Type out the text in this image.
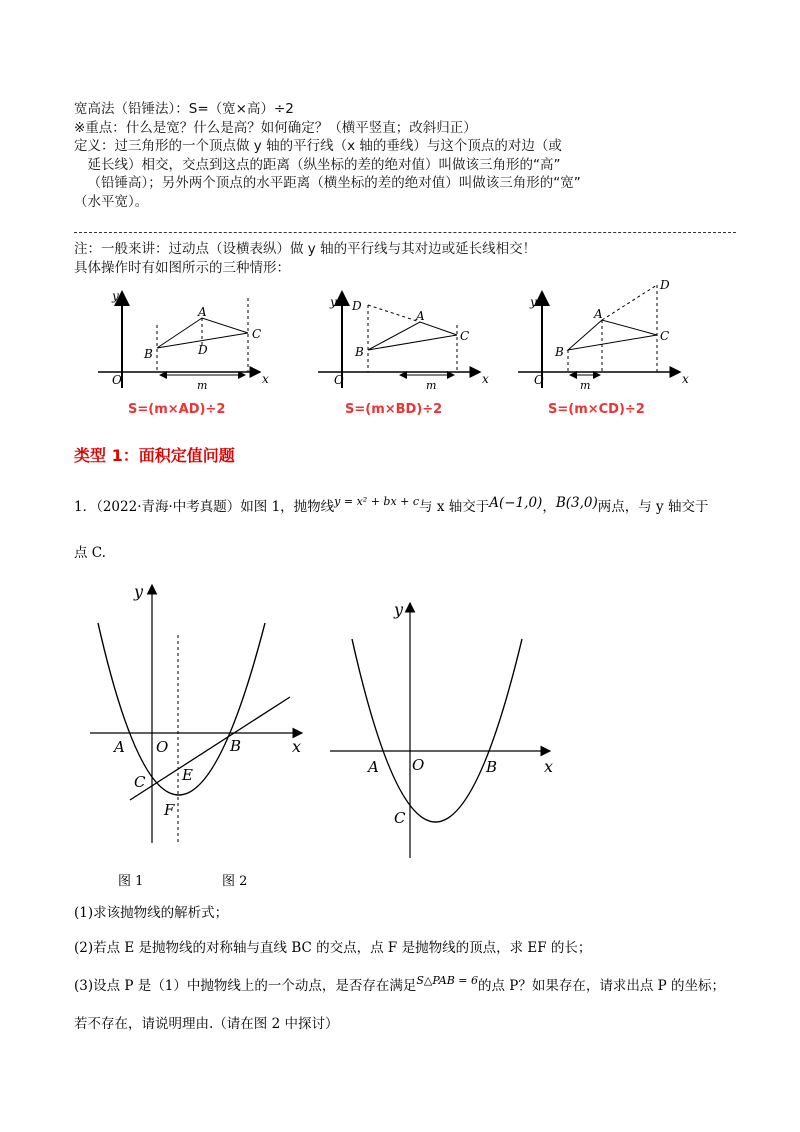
宽高法（铅锤法）：S=（宽×高）÷2

※重点：什么是宽？什么是高？如何确定？（横平竖直；改斜归正）

定义：过三角形的一个顶点做 y 轴的平行线（x 轴的垂线）与这个顶点的对边（或

延长线）相交，交点到这点的距离（纵坐标的差的绝对值）叫做该三角形的“高”

（铅锤高）；另外两个顶点的水平距离（横坐标的差的绝对值）叫做该三角形的“宽”

（水平宽）。

注：一般来讲：过动点（设横表纵）做 y 轴的平行线与其对边或延长线相交！

具体操作时有如图所示的三种情形：

y
x
O
A
B
C
D
m
y
x
O
D
A
B
C
m
y
x
O
D
A
B
C
m
S=(m×AD)÷2	S=(m×BD)÷2	S=(m×CD)÷2
类型 1：面积定值问题
1．（2022·青海·中考真题）如图 1，抛物线$^{y = x^2 + bx + c}$与 x 轴交于A(−1,0)，B(3,0)两点，与 y 轴交于
点 C.
y
x
O
A	B
C E
F
y
x
O
A	B
C
图 1	图 2
(1)求该抛物线的解析式；
(2)若点 E 是抛物线的对称轴与直线 BC 的交点，点 F 是抛物线的顶点，求 EF 的长；
(3)设点 P 是（1）中抛物线上的一个动点，是否存在满足$^{S\triangle PAB = 6}$的点 P？如果存在，请求出点 P 的坐标；
若不存在，请说明理由.（请在图 2 中探讨）
